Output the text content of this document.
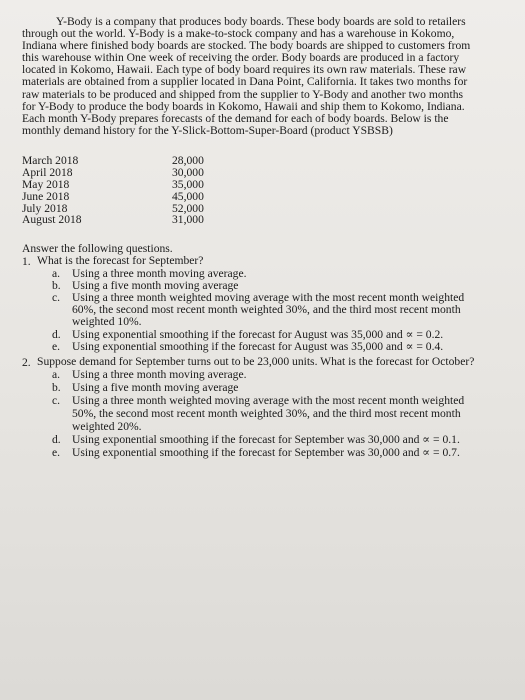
Y-Body is a company that produces body boards. These body boards are sold to retailers through out the world. Y-Body is a make-to-stock company and has a warehouse in Kokomo, Indiana where finished body boards are stocked. The body boards are shipped to customers from this warehouse within One week of receiving the order. Body boards are produced in a factory located in Kokomo, Hawaii. Each type of body board requires its own raw materials. These raw materials are obtained from a supplier located in Dana Point, California. It takes two months for raw materials to be produced and shipped from the supplier to Y-Body and another two months for Y-Body to produce the body boards in Kokomo, Hawaii and ship them to Kokomo, Indiana. Each month Y-Body prepares forecasts of the demand for each of body boards. Below is the monthly demand history for the Y-Slick-Bottom-Super-Board (product YSBSB)

March 2018	28,000
April 2018	30,000
May 2018	35,000
June 2018	45,000
July 2018	52,000
August 2018	31,000

Answer the following questions.

1. What is the forecast for September?
a.	Using a three month moving average.
b. Using a five month moving average
c.	Using a three month weighted moving average with the most recent month weighted 60%, the second most recent month weighted 30%, and the third most recent month weighted 10%.
d. Using exponential smoothing if the forecast for August was 35,000 and ∝ = 0.2.
e.	Using exponential smoothing if the forecast for August was 35,000 and ∝ = 0.4.
2. Suppose demand for September turns out to be 23,000 units. What is the forecast for October?
a.	Using a three month moving average.
b. Using a five month moving average
c.	Using a three month weighted moving average with the most recent month weighted 50%, the second most recent month weighted 30%, and the third most recent month weighted 20%.
d. Using exponential smoothing if the forecast for September was 30,000 and ∝ = 0.1.
e.	Using exponential smoothing if the forecast for September was 30,000 and ∝ = 0.7.
